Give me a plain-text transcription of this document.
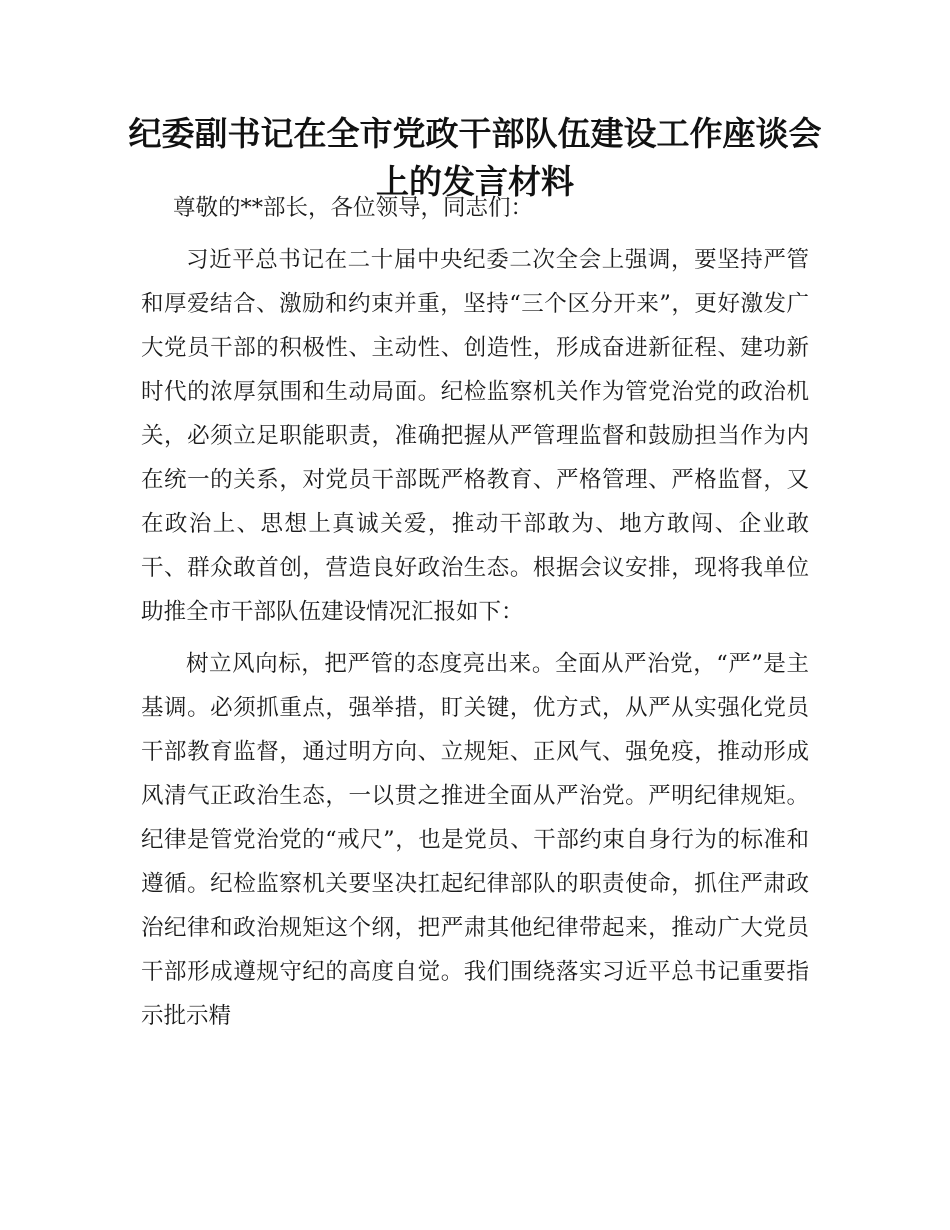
纪委副书记在全市党政干部队伍建设工作座谈会上的发言材料

尊敬的**部长，各位领导，同志们：

习近平总书记在二十届中央纪委二次全会上强调，要坚持严管和厚爱结合、激励和约束并重，坚持“三个区分开来”，更好激发广大党员干部的积极性、主动性、创造性，形成奋进新征程、建功新时代的浓厚氛围和生动局面。纪检监察机关作为管党治党的政治机关，必须立足职能职责，准确把握从严管理监督和鼓励担当作为内在统一的关系，对党员干部既严格教育、严格管理、严格监督，又在政治上、思想上真诚关爱，推动干部敢为、地方敢闯、企业敢干、群众敢首创，营造良好政治生态。根据会议安排，现将我单位助推全市干部队伍建设情况汇报如下：

树立风向标，把严管的态度亮出来。全面从严治党，“严”是主基调。必须抓重点，强举措，盯关键，优方式，从严从实强化党员干部教育监督，通过明方向、立规矩、正风气、强免疫，推动形成风清气正政治生态，一以贯之推进全面从严治党。严明纪律规矩。纪律是管党治党的“戒尺”，也是党员、干部约束自身行为的标准和遵循。纪检监察机关要坚决扛起纪律部队的职责使命，抓住严肃政治纪律和政治规矩这个纲，把严肃其他纪律带起来，推动广大党员干部形成遵规守纪的高度自觉。我们围绕落实习近平总书记重要指示批示精
